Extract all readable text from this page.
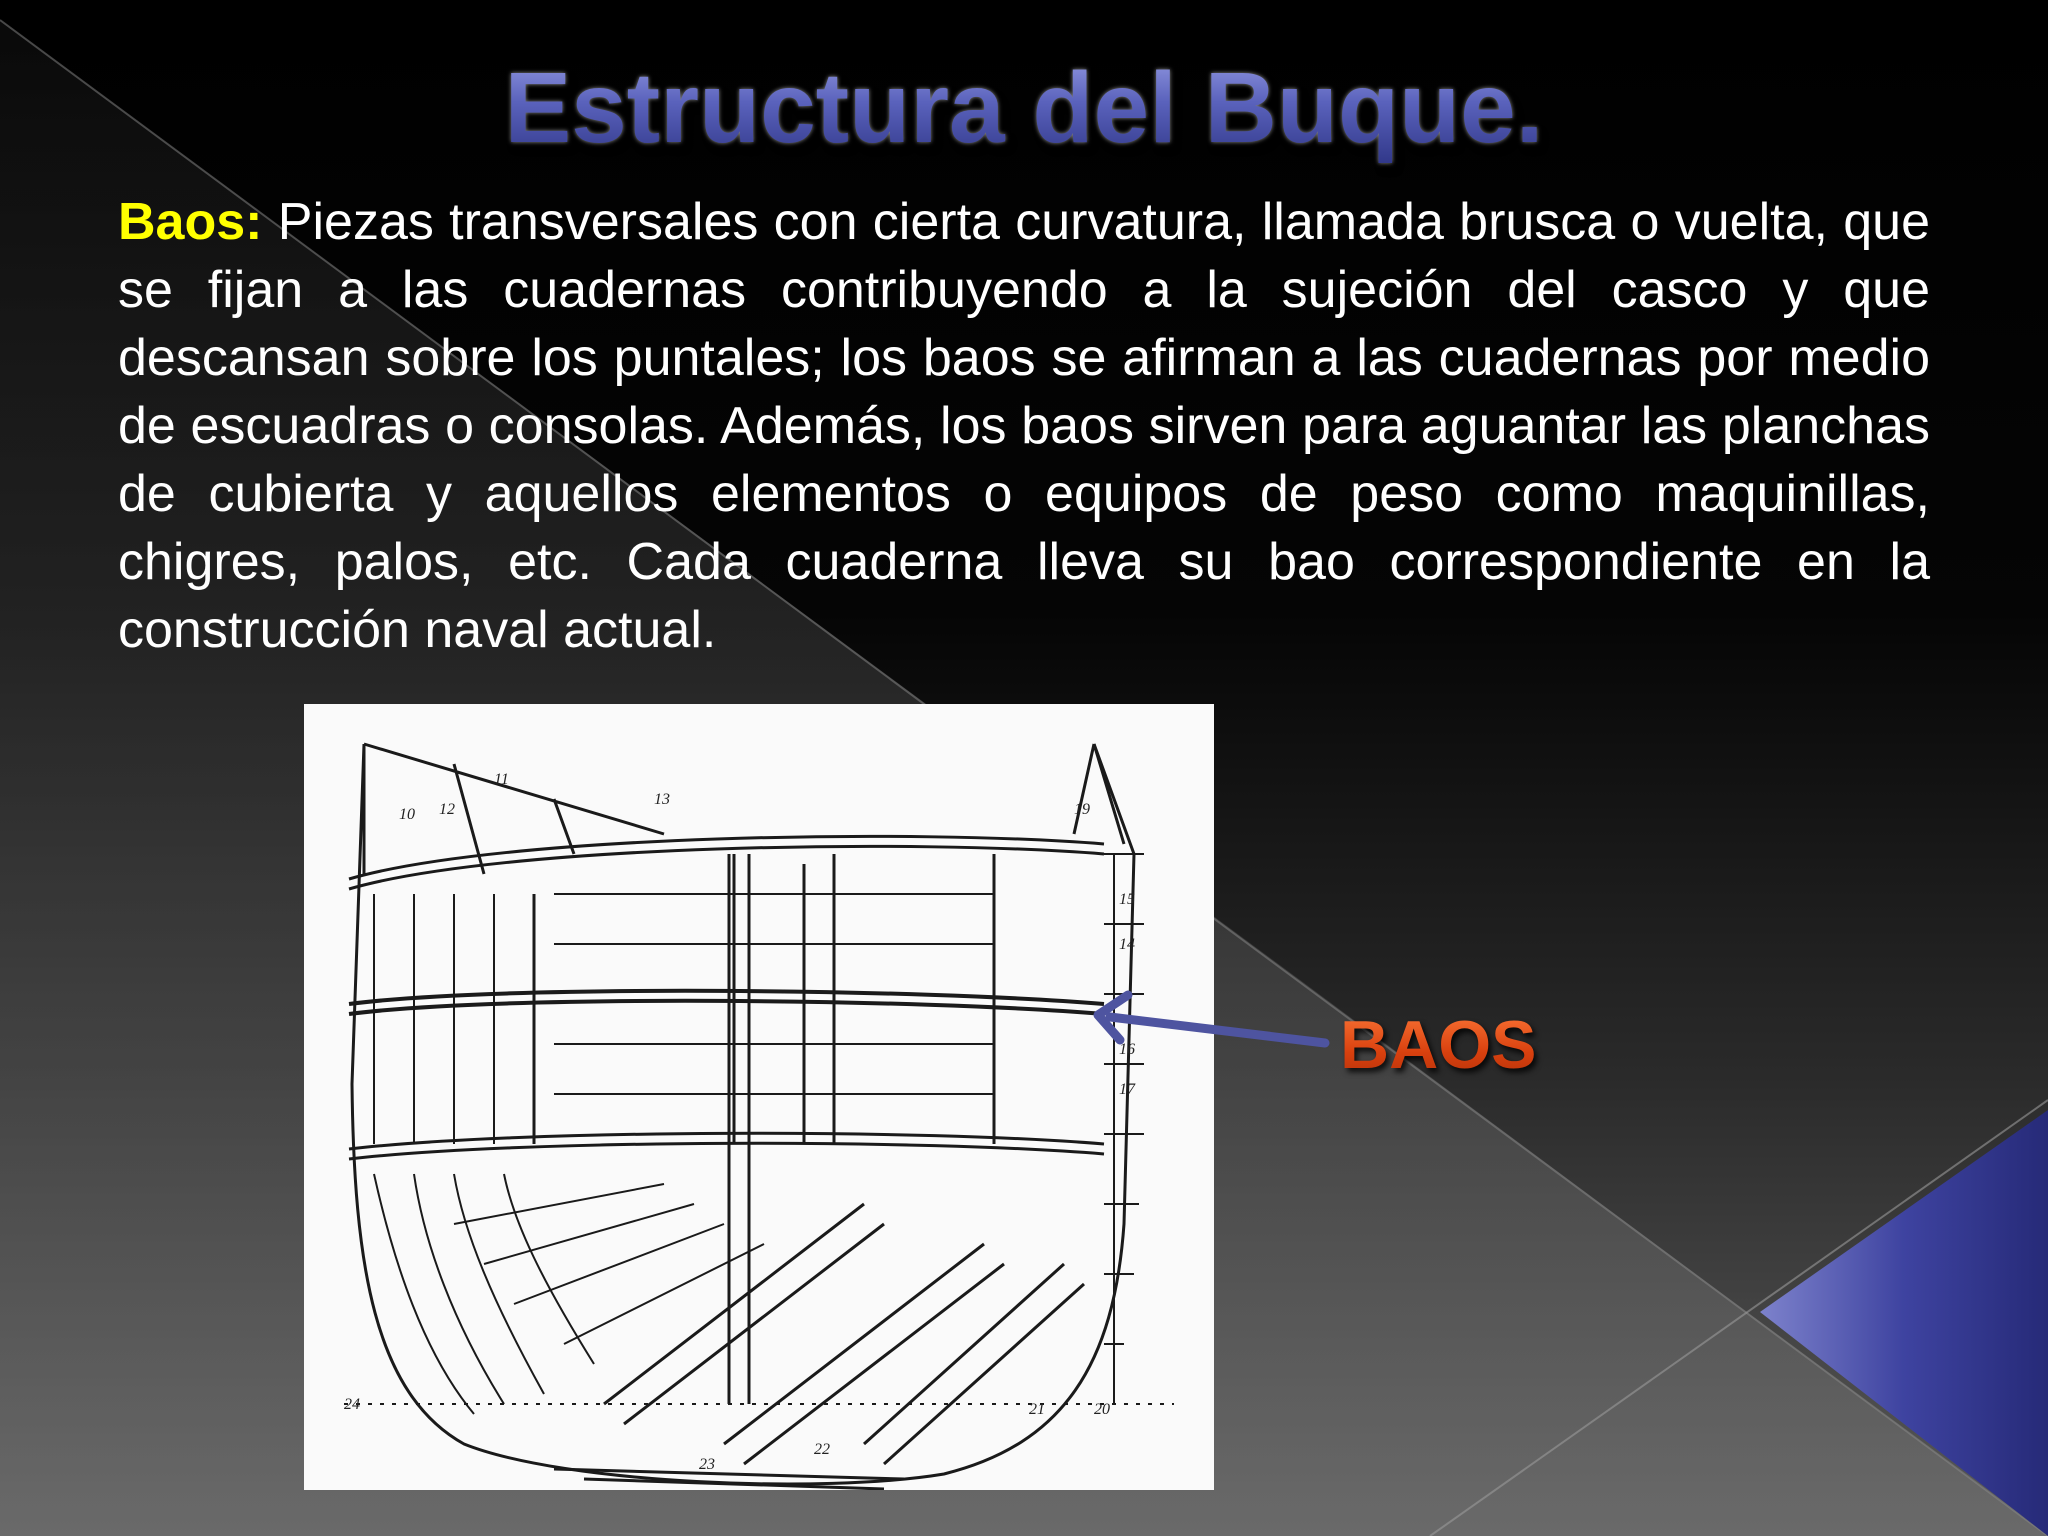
Estructura del Buque.

Baos: Piezas transversales con cierta curvatura, llamada brusca o vuelta, que se fijan a las cuadernas contribuyendo a la sujeción del casco y que descansan sobre los puntales; los baos se afirman a las cuadernas por medio de escuadras o consolas. Además, los baos sirven para aguantar las planchas de cubierta y aquellos elementos o equipos de peso como maquinillas, chigres, palos, etc. Cada cuaderna lleva su bao correspondiente en la construcción naval actual.

11
12
10	19
15
14
16
17
21	20
22
23
24
13
BAOS
